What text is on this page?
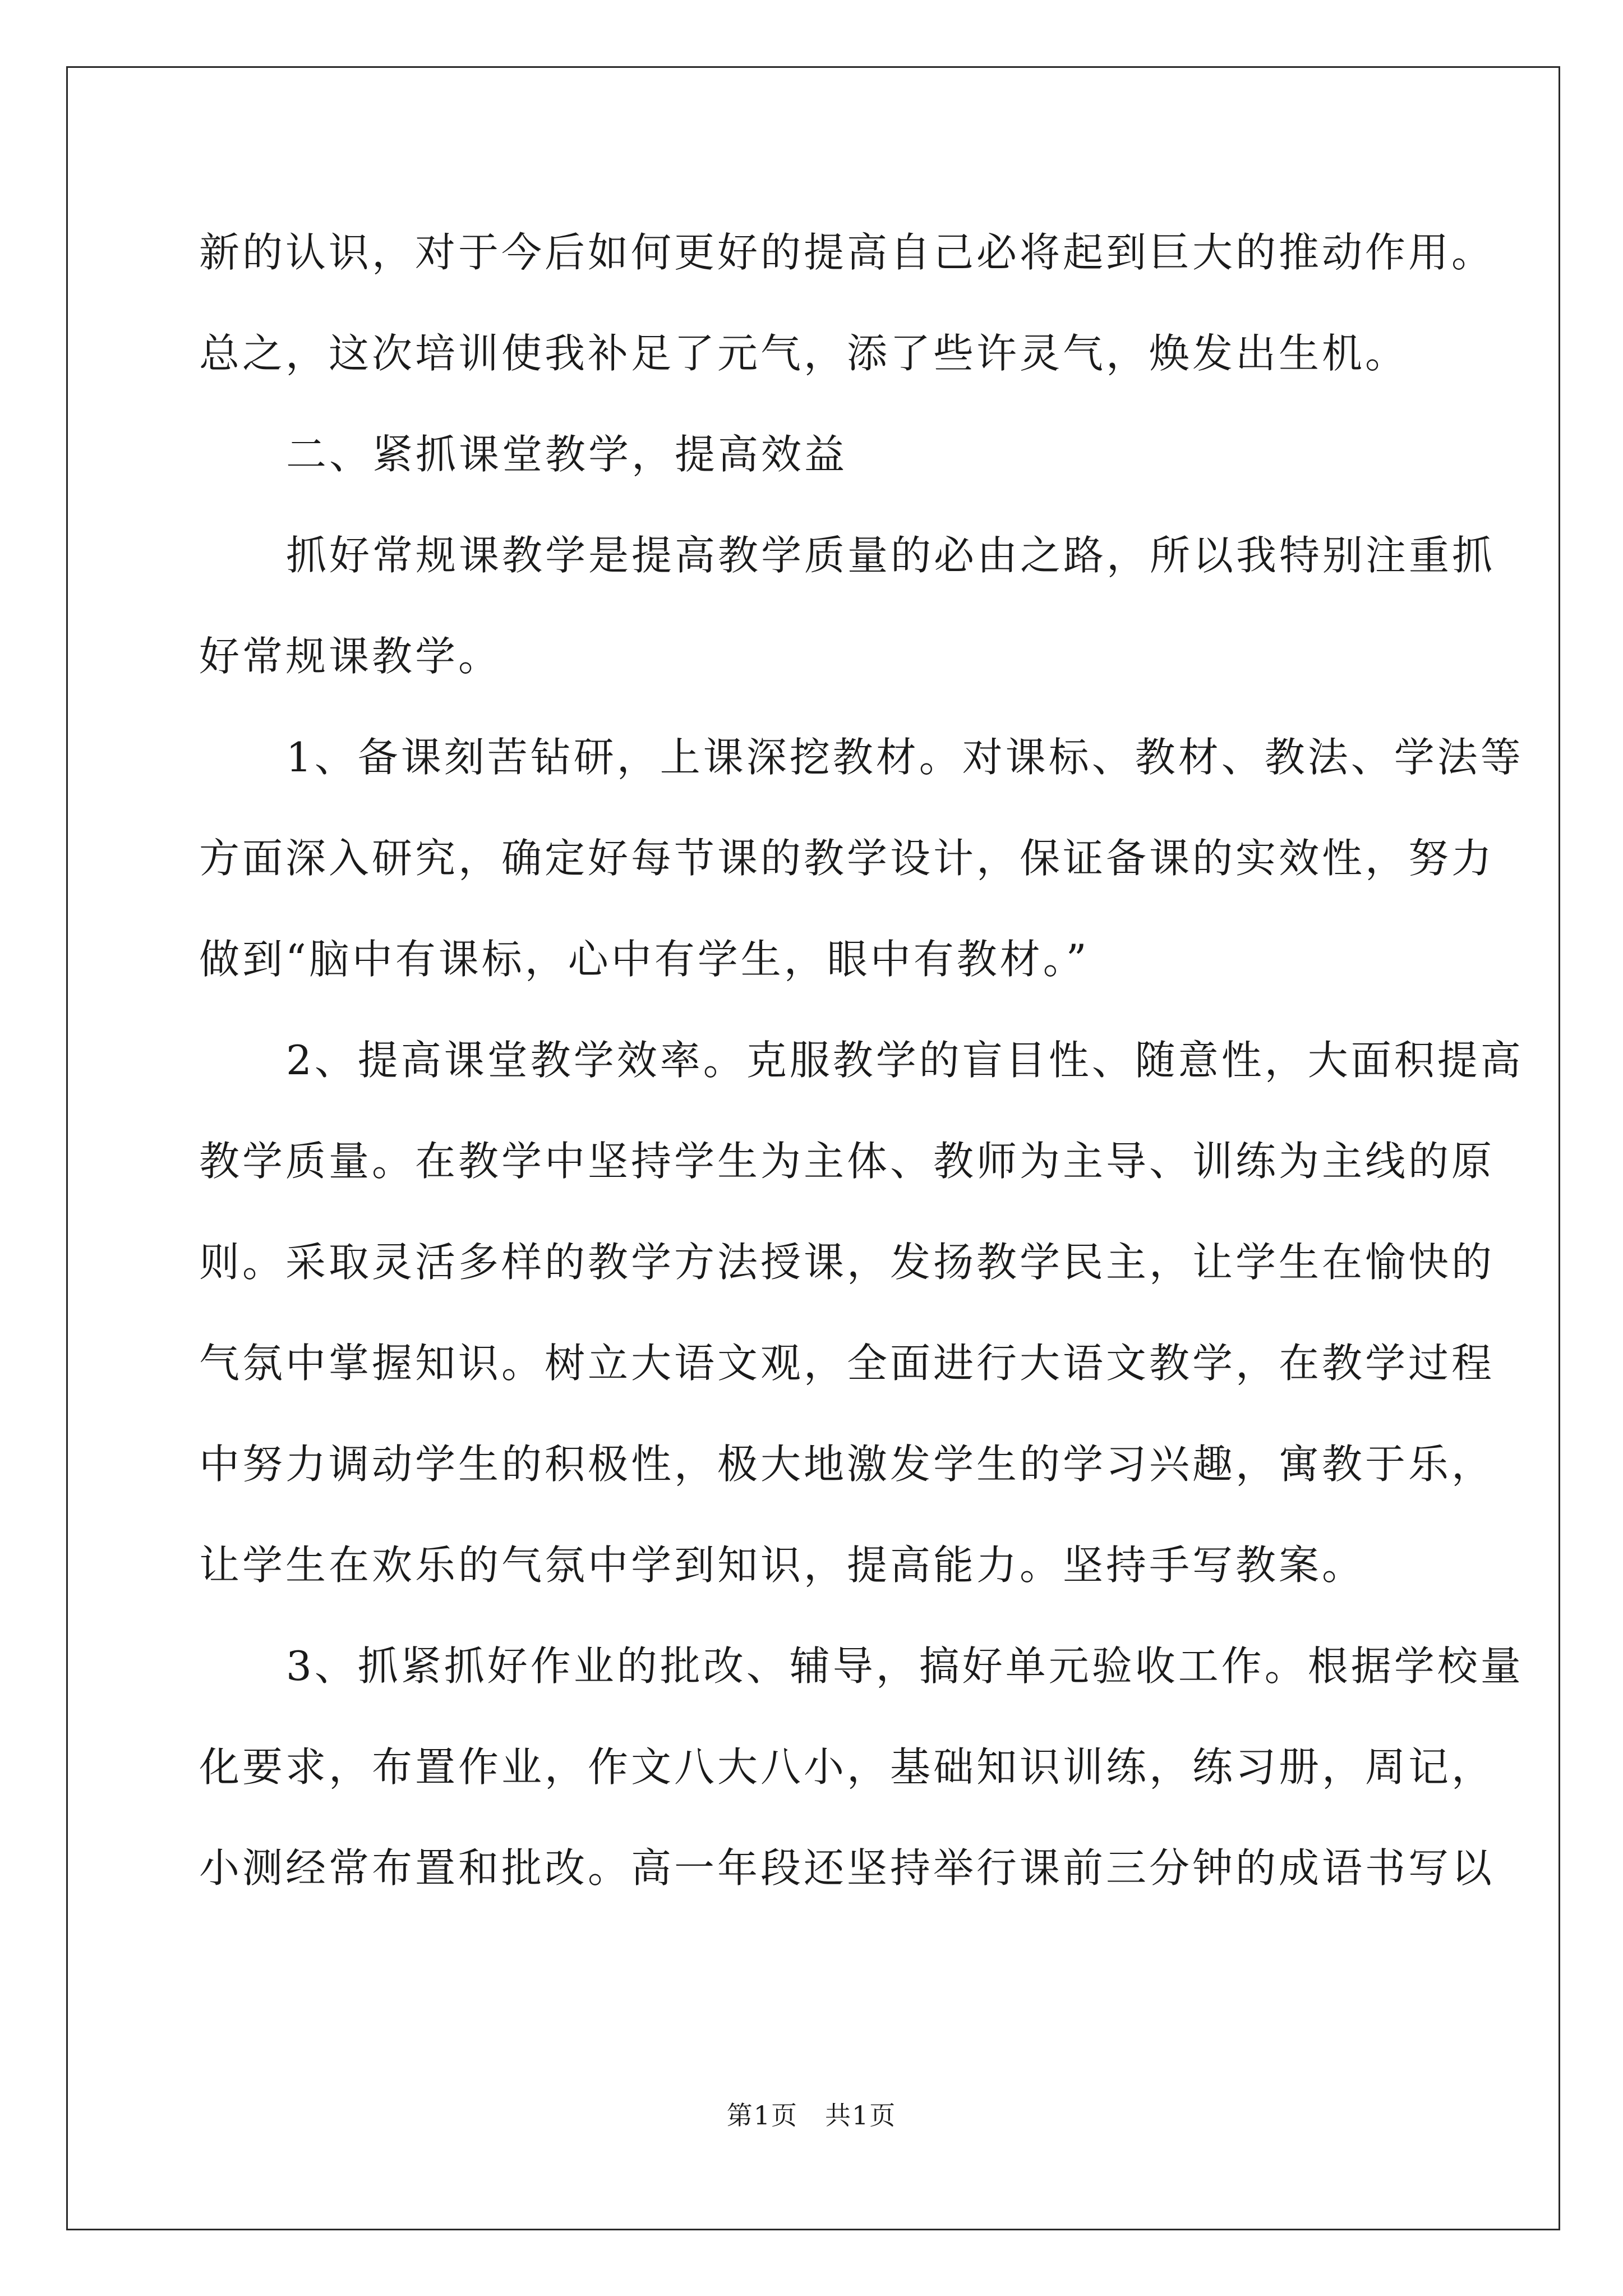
新的认识，对于今后如何更好的提高自己必将起到巨大的推动作用。
总之，这次培训使我补足了元气，添了些许灵气，焕发出生机。
二、紧抓课堂教学，提高效益
抓好常规课教学是提高教学质量的必由之路，所以我特别注重抓
好常规课教学。
1、备课刻苦钻研，上课深挖教材。对课标、教材、教法、学法等
方面深入研究，确定好每节课的教学设计，保证备课的实效性，努力
做到“脑中有课标，心中有学生，眼中有教材。”
2、提高课堂教学效率。克服教学的盲目性、随意性，大面积提高
教学质量。在教学中坚持学生为主体、教师为主导、训练为主线的原
则。采取灵活多样的教学方法授课，发扬教学民主，让学生在愉快的
气氛中掌握知识。树立大语文观，全面进行大语文教学，在教学过程
中努力调动学生的积极性，极大地激发学生的学习兴趣，寓教于乐，
让学生在欢乐的气氛中学到知识，提高能力。坚持手写教案。
3、抓紧抓好作业的批改、辅导，搞好单元验收工作。根据学校量
化要求，布置作业，作文八大八小，基础知识训练，练习册，周记，
小测经常布置和批改。高一年段还坚持举行课前三分钟的成语书写以
第1页　共1页
